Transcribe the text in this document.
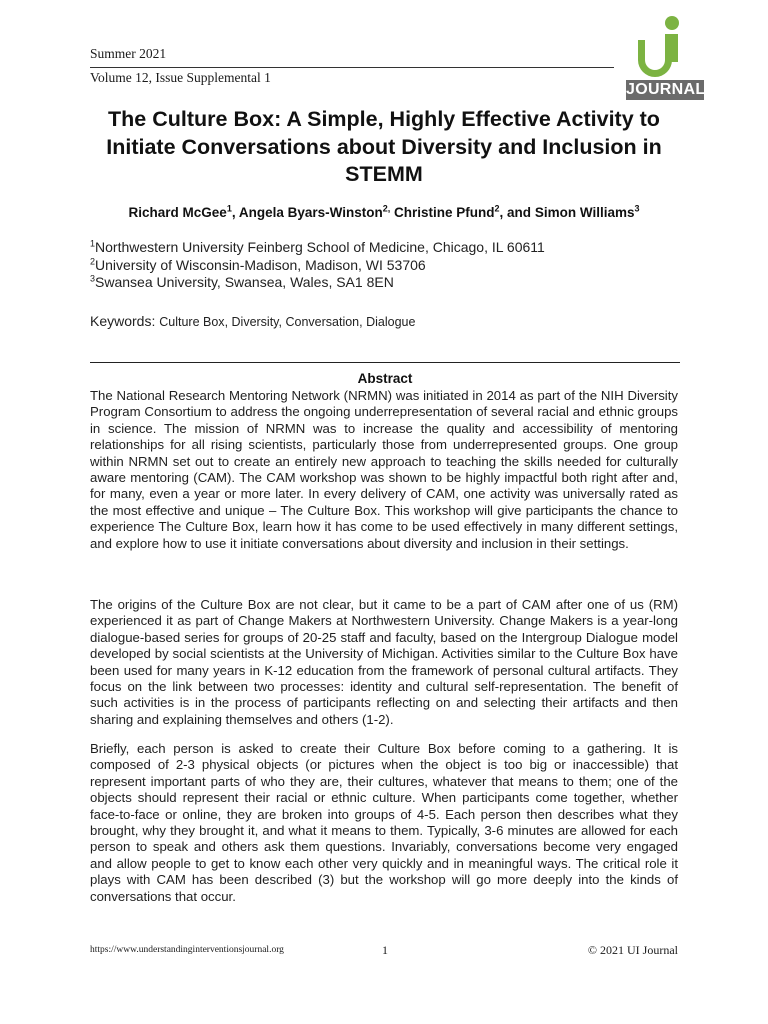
Summer 2021
Volume 12, Issue Supplemental 1
JOURNAL
The Culture Box: A Simple, Highly Effective Activity to
Initiate Conversations about Diversity and Inclusion in
STEMM
Richard McGee$^1$, Angela Byars-Winston$^{2,}$ Christine Pfund$^2$, and Simon Williams$^3$
$^1$Northwestern University Feinberg School of Medicine, Chicago, IL 60611
$^2$University of Wisconsin-Madison, Madison, WI 53706
$^3$Swansea University, Swansea, Wales, SA1 8EN
Keywords: Culture Box, Diversity, Conversation, Dialogue
Abstract

The National Research Mentoring Network (NRMN) was initiated in 2014 as part of the NIH Diversity Program Consortium to address the ongoing underrepresentation of several racial and ethnic groups in science. The mission of NRMN was to increase the quality and accessibility of mentoring relationships for all rising scientists, particularly those from underrepresented groups. One group within NRMN set out to create an entirely new approach to teaching the skills needed for culturally aware mentoring (CAM). The CAM workshop was shown to be highly impactful both right after and, for many, even a year or more later. In every delivery of CAM, one activity was universally rated as the most effective and unique – The Culture Box. This workshop will give participants the chance to experience The Culture Box, learn how it has come to be used effectively in many different settings, and explore how to use it initiate conversations about diversity and inclusion in their settings.

The origins of the Culture Box are not clear, but it came to be a part of CAM after one of us (RM) experienced it as part of Change Makers at Northwestern University. Change Makers is a year-long dialogue-based series for groups of 20-25 staff and faculty, based on the Intergroup Dialogue model developed by social scientists at the University of Michigan. Activities similar to the Culture Box have been used for many years in K-12 education from the framework of personal cultural artifacts. They focus on the link between two processes: identity and cultural self-representation. The benefit of such activities is in the process of participants reflecting on and selecting their artifacts and then sharing and explaining themselves and others (1-2).

Briefly, each person is asked to create their Culture Box before coming to a gathering. It is composed of 2-3 physical objects (or pictures when the object is too big or inaccessible) that represent important parts of who they are, their cultures, whatever that means to them; one of the objects should represent their racial or ethnic culture. When participants come together, whether face-to-face or online, they are broken into groups of 4-5. Each person then describes what they brought, why they brought it, and what it means to them. Typically, 3-6 minutes are allowed for each person to speak and others ask them questions. Invariably, conversations become very engaged and allow people to get to know each other very quickly and in meaningful ways. The critical role it plays with CAM has been described (3) but the workshop will go more deeply into the kinds of conversations that occur.

https://www.understandinginterventionsjournal.org	1	© 2021 UI Journal
